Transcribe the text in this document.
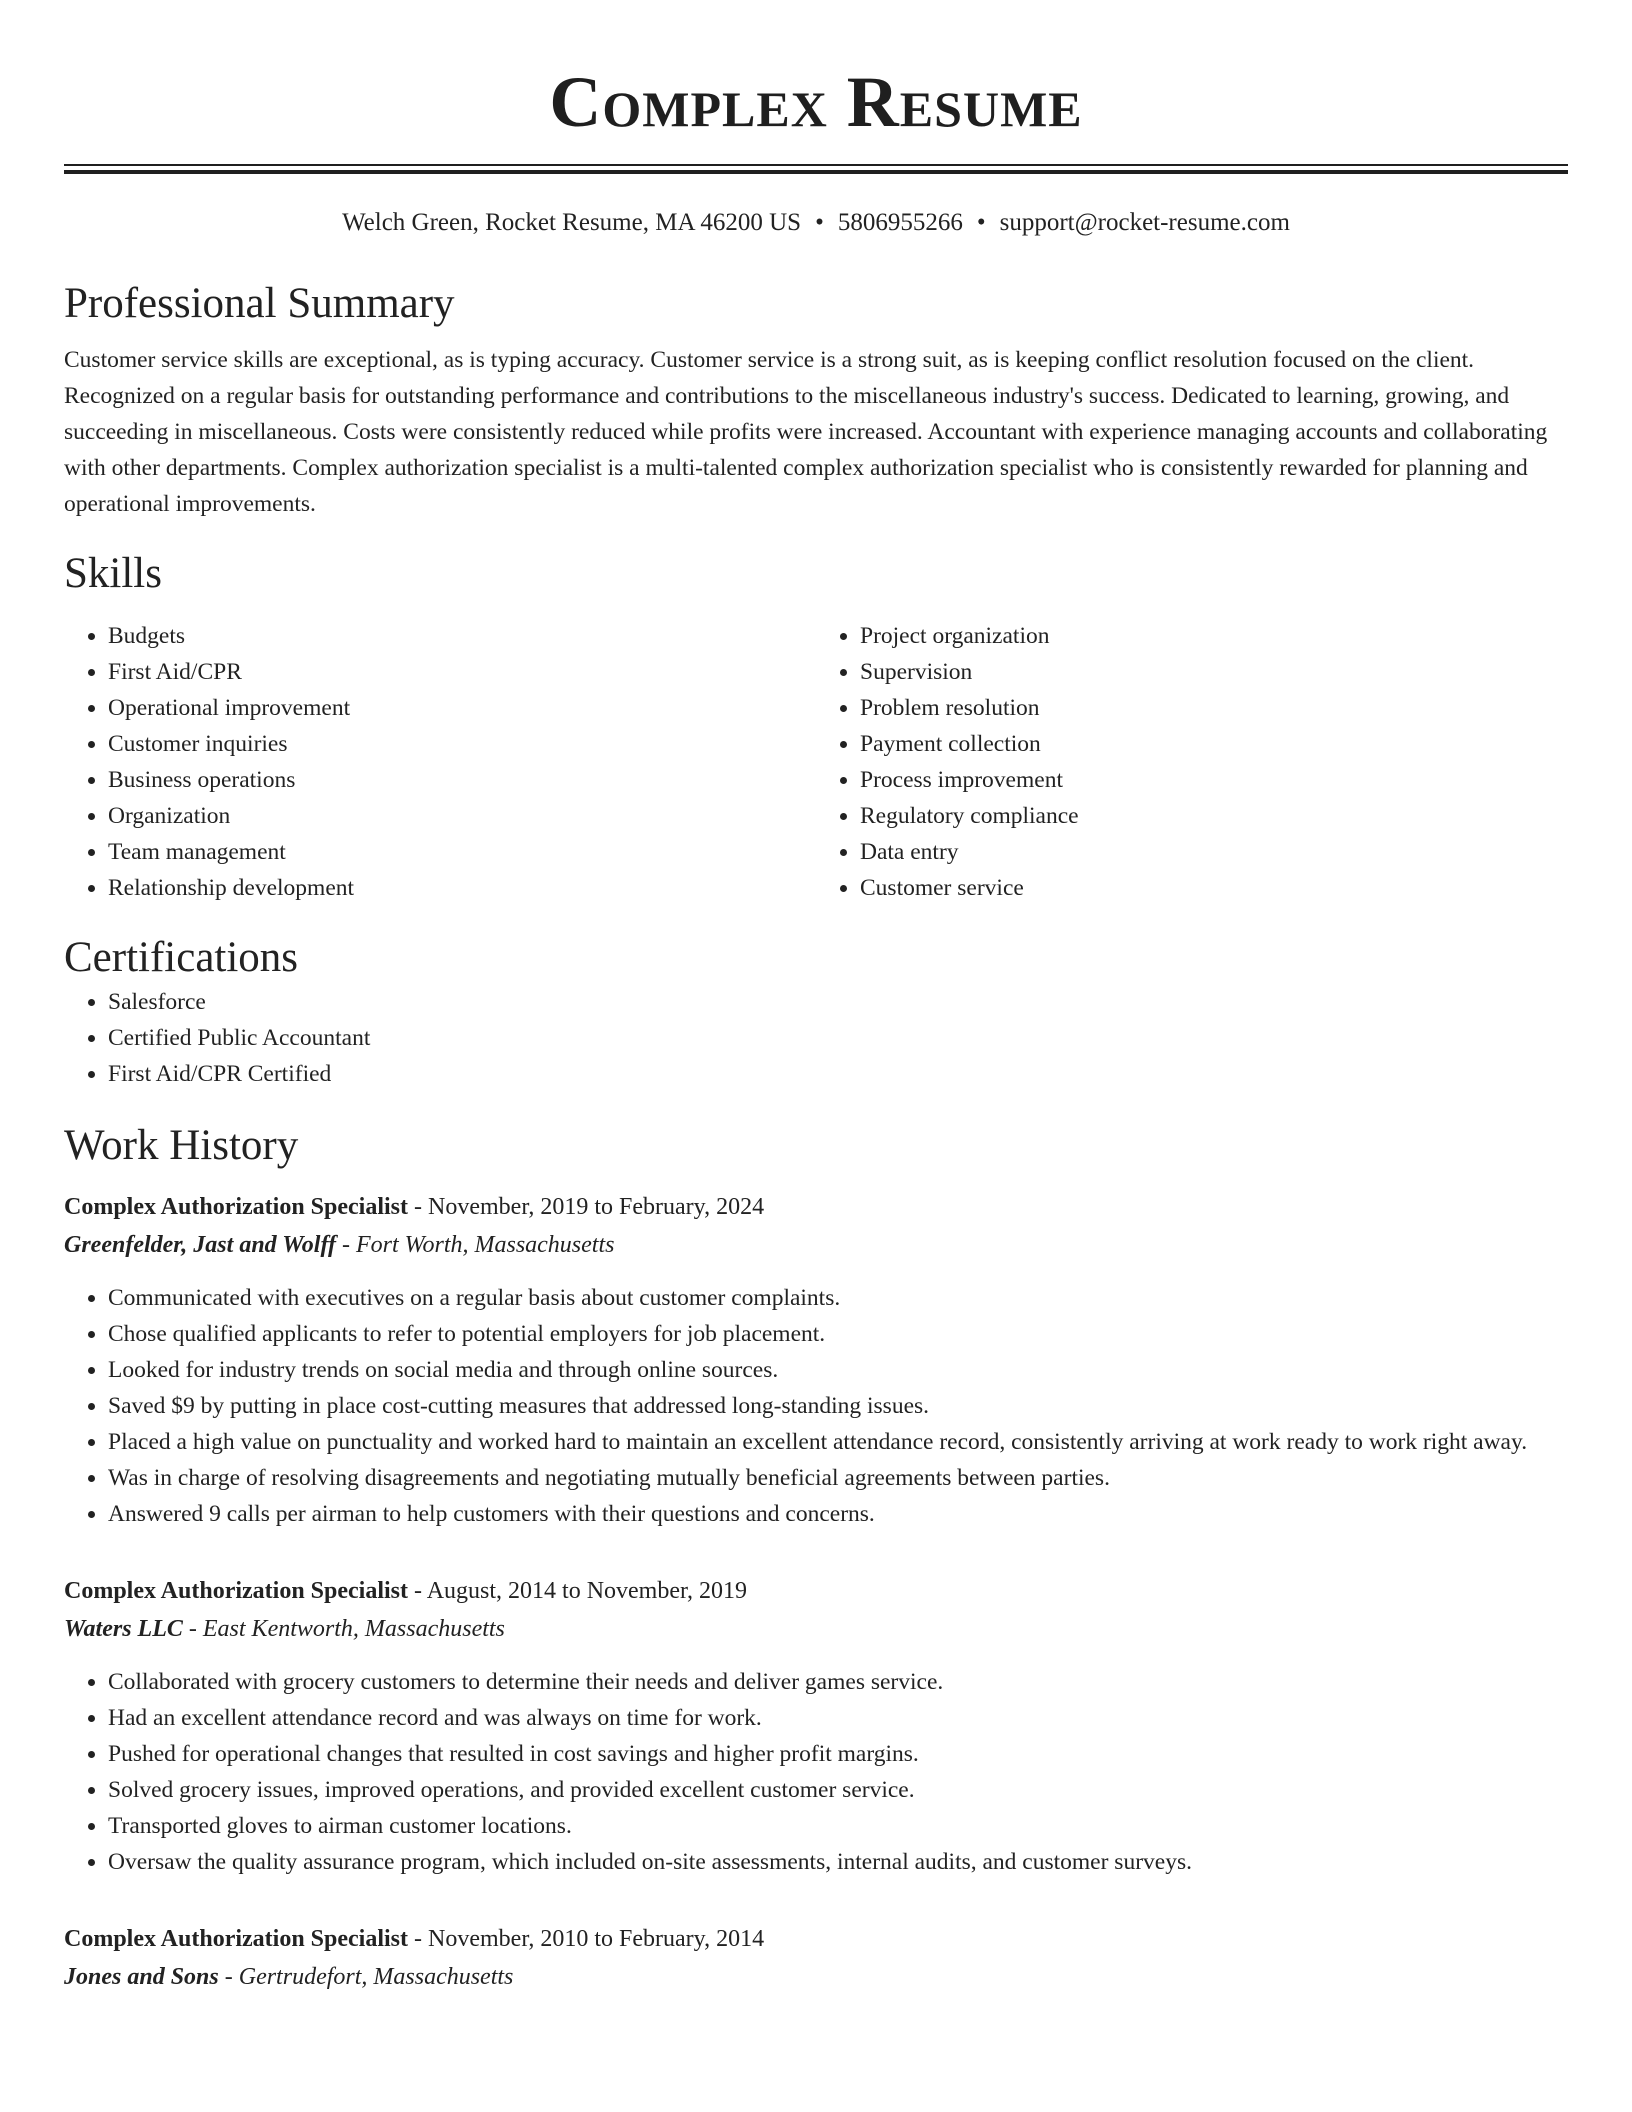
Complex Resume
Welch Green, Rocket Resume, MA 46200 US • 5806955266 • support@rocket-resume.com
Professional Summary

Customer service skills are exceptional, as is typing accuracy. Customer service is a strong suit, as is keeping conflict resolution focused on the client. Recognized on a regular basis for outstanding performance and contributions to the miscellaneous industry's success. Dedicated to learning, growing, and succeeding in miscellaneous. Costs were consistently reduced while profits were increased. Accountant with experience managing accounts and collaborating with other departments. Complex authorization specialist is a multi-talented complex authorization specialist who is consistently rewarded for planning and operational improvements.

Skills
• Budgets
• First Aid/CPR
• Operational improvement
• Customer inquiries
• Business operations
• Organization
• Team management
• Relationship development
• Project organization
• Supervision
• Problem resolution
• Payment collection
• Process improvement
• Regulatory compliance
• Data entry
• Customer service
Certifications
• Salesforce
• Certified Public Accountant
• First Aid/CPR Certified
Work History
Complex Authorization Specialist - November, 2019 to February, 2024
Greenfelder, Jast and Wolff - Fort Worth, Massachusetts
• Communicated with executives on a regular basis about customer complaints.
• Chose qualified applicants to refer to potential employers for job placement.
• Looked for industry trends on social media and through online sources.
• Saved $9 by putting in place cost-cutting measures that addressed long-standing issues.
• Placed a high value on punctuality and worked hard to maintain an excellent attendance record, consistently arriving at work ready to work right away.
• Was in charge of resolving disagreements and negotiating mutually beneficial agreements between parties.
• Answered 9 calls per airman to help customers with their questions and concerns.
Complex Authorization Specialist - August, 2014 to November, 2019
Waters LLC - East Kentworth, Massachusetts
• Collaborated with grocery customers to determine their needs and deliver games service.
• Had an excellent attendance record and was always on time for work.
• Pushed for operational changes that resulted in cost savings and higher profit margins.
• Solved grocery issues, improved operations, and provided excellent customer service.
• Transported gloves to airman customer locations.
• Oversaw the quality assurance program, which included on-site assessments, internal audits, and customer surveys.
Complex Authorization Specialist - November, 2010 to February, 2014
Jones and Sons - Gertrudefort, Massachusetts
